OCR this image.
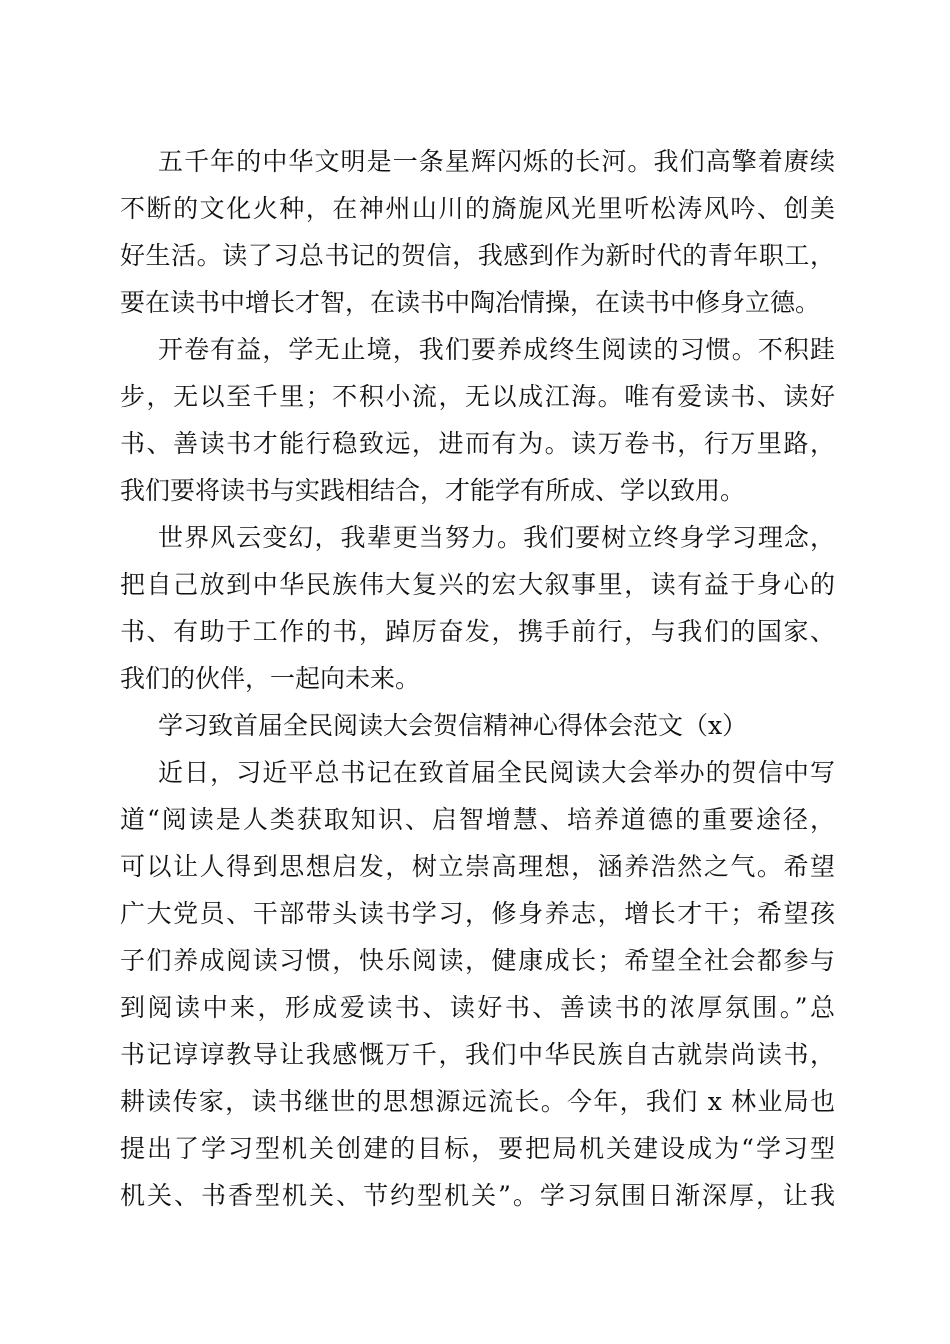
五千年的中华文明是一条星辉闪烁的长河。我们高擎着赓续
不断的文化火种，在神州山川的旖旎风光里听松涛风吟、创美
好生活。读了习总书记的贺信，我感到作为新时代的青年职工，
要在读书中增长才智，在读书中陶冶情操，在读书中修身立德。
开卷有益，学无止境，我们要养成终生阅读的习惯。不积跬
步，无以至千里；不积小流，无以成江海。唯有爱读书、读好
书、善读书才能行稳致远，进而有为。读万卷书，行万里路，
我们要将读书与实践相结合，才能学有所成、学以致用。
世界风云变幻，我辈更当努力。我们要树立终身学习理念，
把自己放到中华民族伟大复兴的宏大叙事里，读有益于身心的
书、有助于工作的书，踔厉奋发，携手前行，与我们的国家、
我们的伙伴，一起向未来。
学习致首届全民阅读大会贺信精神心得体会范文（x）
近日，习近平总书记在致首届全民阅读大会举办的贺信中写
道“阅读是人类获取知识、启智增慧、培养道德的重要途径，
可以让人得到思想启发，树立崇高理想，涵养浩然之气。希望
广大党员、干部带头读书学习，修身养志，增长才干；希望孩
子们养成阅读习惯，快乐阅读，健康成长；希望全社会都参与
到阅读中来，形成爱读书、读好书、善读书的浓厚氛围。”总
书记谆谆教导让我感慨万千，我们中华民族自古就崇尚读书，
耕读传家，读书继世的思想源远流长。今年，我们 x 林业局也
提出了学习型机关创建的目标，要把局机关建设成为“学习型
机关、书香型机关、节约型机关”。学习氛围日渐深厚，让我
